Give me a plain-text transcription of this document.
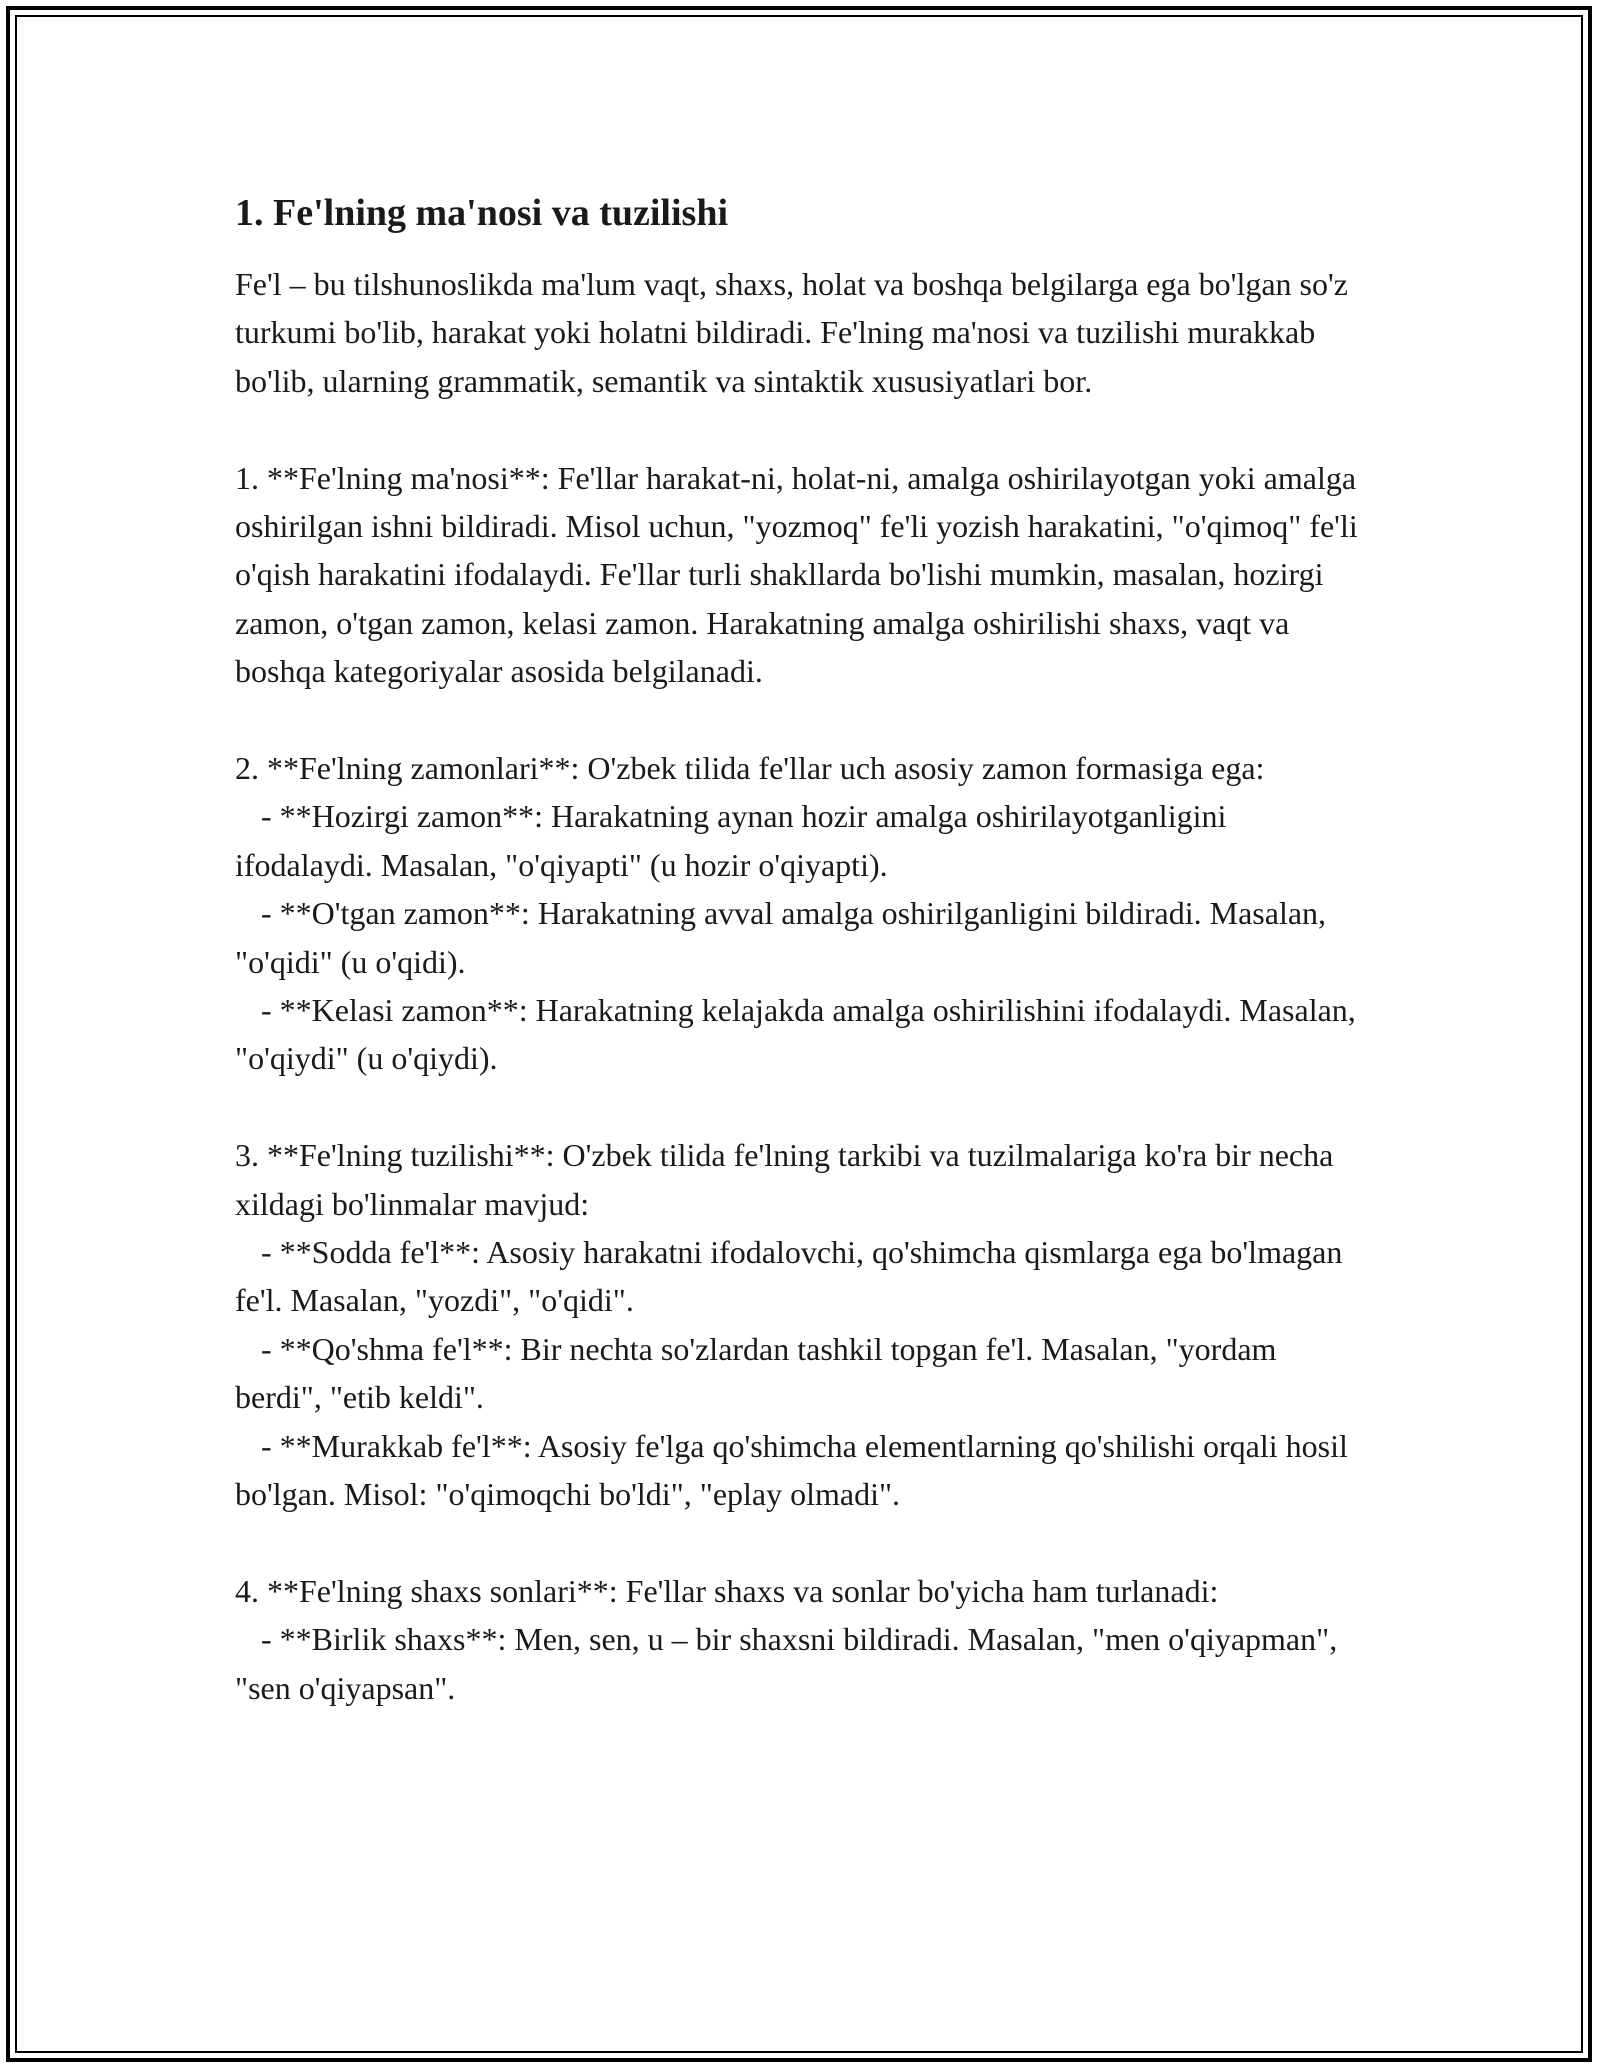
1. Fe'lning ma'nosi va tuzilishi

Fe'l – bu tilshunoslikda ma'lum vaqt, shaxs, holat va boshqa belgilarga ega bo'lgan so'z turkumi bo'lib, harakat yoki holatni bildiradi. Fe'lning ma'nosi va tuzilishi murakkab bo'lib, ularning grammatik, semantik va sintaktik xususiyatlari bor.

1. **Fe'lning ma'nosi**: Fe'llar harakat-ni, holat-ni, amalga oshirilayotgan yoki amalga oshirilgan ishni bildiradi. Misol uchun, "yozmoq" fe'li yozish harakatini, "o'qimoq" fe'li o'qish harakatini ifodalaydi. Fe'llar turli shakllarda bo'lishi mumkin, masalan, hozirgi zamon, o'tgan zamon, kelasi zamon. Harakatning amalga oshirilishi shaxs, vaqt va boshqa kategoriyalar asosida belgilanadi.

2. **Fe'lning zamonlari**: O'zbek tilida fe'llar uch asosiy zamon formasiga ega:
- **Hozirgi zamon**: Harakatning aynan hozir amalga oshirilayotganligini ifodalaydi. Masalan, "o'qiyapti" (u hozir o'qiyapti).
- **O'tgan zamon**: Harakatning avval amalga oshirilganligini bildiradi. Masalan, "o'qidi" (u o'qidi).
- **Kelasi zamon**: Harakatning kelajakda amalga oshirilishini ifodalaydi. Masalan, "o'qiydi" (u o'qiydi).

3. **Fe'lning tuzilishi**: O'zbek tilida fe'lning tarkibi va tuzilmalariga ko'ra bir necha xildagi bo'linmalar mavjud:
- **Sodda fe'l**: Asosiy harakatni ifodalovchi, qo'shimcha qismlarga ega bo'lmagan fe'l. Masalan, "yozdi", "o'qidi".
- **Qo'shma fe'l**: Bir nechta so'zlardan tashkil topgan fe'l. Masalan, "yordam berdi", "etib keldi".
- **Murakkab fe'l**: Asosiy fe'lga qo'shimcha elementlarning qo'shilishi orqali hosil bo'lgan. Misol: "o'qimoqchi bo'ldi", "eplay olmadi".

4. **Fe'lning shaxs sonlari**: Fe'llar shaxs va sonlar bo'yicha ham turlanadi:
- **Birlik shaxs**: Men, sen, u – bir shaxsni bildiradi. Masalan, "men o'qiyapman", "sen o'qiyapsan".
